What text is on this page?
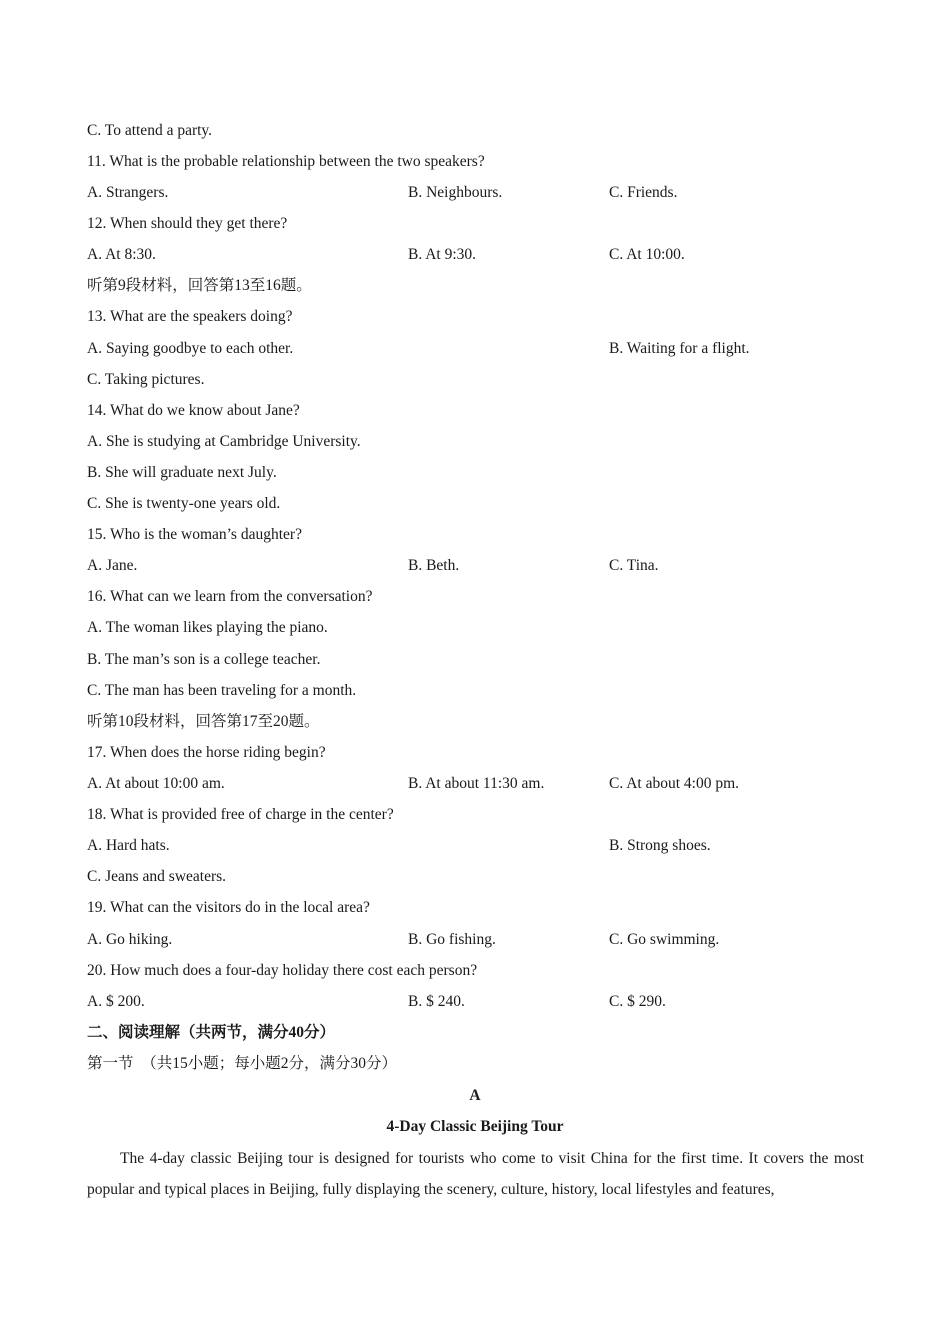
C. To attend a party.
11. What is the probable relationship between the two speakers?
A. Strangers.	B. Neighbours.	C. Friends.
12. When should they get there?
A. At 8:30.	B. At 9:30.	C. At 10:00.
听第9段材料，回答第13至16题。
13. What are the speakers doing?
A. Saying goodbye to each other.	B. Waiting for a flight.
C. Taking pictures.
14. What do we know about Jane?
A. She is studying at Cambridge University.
B. She will graduate next July.
C. She is twenty-one years old.
15. Who is the woman’s daughter?
A. Jane.	B. Beth.	C. Tina.
16. What can we learn from the conversation?
A. The woman likes playing the piano.
B. The man’s son is a college teacher.
C. The man has been traveling for a month.
听第10段材料，回答第17至20题。
17. When does the horse riding begin?
A. At about 10:00 am.	B. At about 11:30 am.	C. At about 4:00 pm.
18. What is provided free of charge in the center?
A. Hard hats.	B. Strong shoes.
C. Jeans and sweaters.
19. What can the visitors do in the local area?
A. Go hiking.	B. Go fishing.	C. Go swimming.
20. How much does a four-day holiday there cost each person?
A. $ 200.	B. $ 240.	C. $ 290.
二、阅读理解（共两节，满分40分）
第一节　（共15小题；每小题2分，满分30分）
A
4-Day Classic Beijing Tour
The 4-day classic Beijing tour is designed for tourists who come to visit China for the first time. It covers the most popular and typical places in Beijing, fully displaying the scenery, culture, history, local lifestyles and features,
